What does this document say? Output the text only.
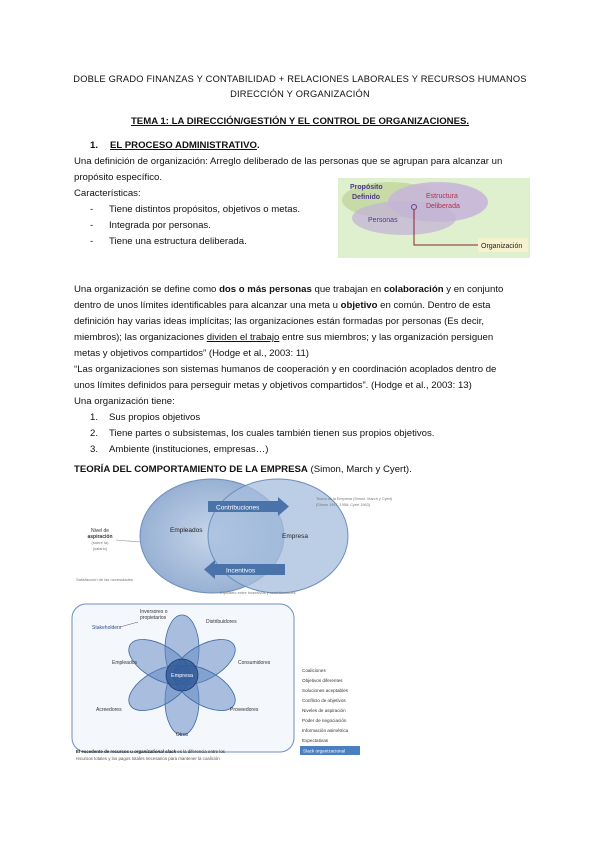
DOBLE GRADO FINANZAS Y CONTABILIDAD + RELACIONES LABORALES Y RECURSOS HUMANOS
DIRECCIÓN Y ORGANIZACIÓN
TEMA 1: LA DIRECCIÓN/GESTIÓN Y EL CONTROL DE ORGANIZACIONES.
1. EL PROCESO ADMINISTRATIVO.
Una definición de organización: Arreglo deliberado de las personas que se agrupan para alcanzar un
propósito específico.
Características:
- Tiene distintos propósitos, objetivos o metas.
- Integrada por personas.
- Tiene una estructura deliberada.
Propósito
Definido	Estructura
Deliberada
Personas
Organización
Una organización se define como dos o más personas que trabajan en colaboración y en conjunto
dentro de unos límites identificables para alcanzar una meta u objetivo en común. Dentro de esta
definición hay varias ideas implícitas; las organizaciones están formadas por personas (Es decir,
miembros); las organizaciones dividen el trabajo entre sus miembros; y las organización persiguen
metas y objetivos compartidos” (Hodge et al., 2003: 11)
“Las organizaciones son sistemas humanos de cooperación y en coordinación acoplados dentro de
unos límites definidos para perseguir metas y objetivos compartidos”. (Hodge et al., 2003: 13)
Una organización tiene:
1. Sus propios objetivos
2. Tiene partes o subsistemas, los cuales también tienen sus propios objetivos.
3. Ambiente (instituciones, empresas…)
TEORÍA DEL COMPORTAMIENTO DE LA EMPRESA (Simon, March y Cyert).
Contribuciones
Incentivos
Empleados
Empresa
Nivel de
aspiración
(sobre la)
(salario)
Satisfacción de las necesidades
Equilibrio entre incentivos y contribuciones
Teoría de la Empresa (Simon, March y Cyert)
(Simon 1947, 1958; Cyert 1963)
Empresa
Stakeholders
Inversores o
propietarios
Distribuidores
Empleados	Consumidores
Acreedores	Proveedores
Otros
El excedente de recursos u organizational slack es la diferencia entre los
recursos totales y los pagos totales necesarios para mantener la coalición
Coaliciones
Objetivos diferentes
Soluciones aceptables
Conflicto de objetivos
Niveles de aspiración
Poder de negociación
Información asimétrica
Expectativas
Slack organizacional
